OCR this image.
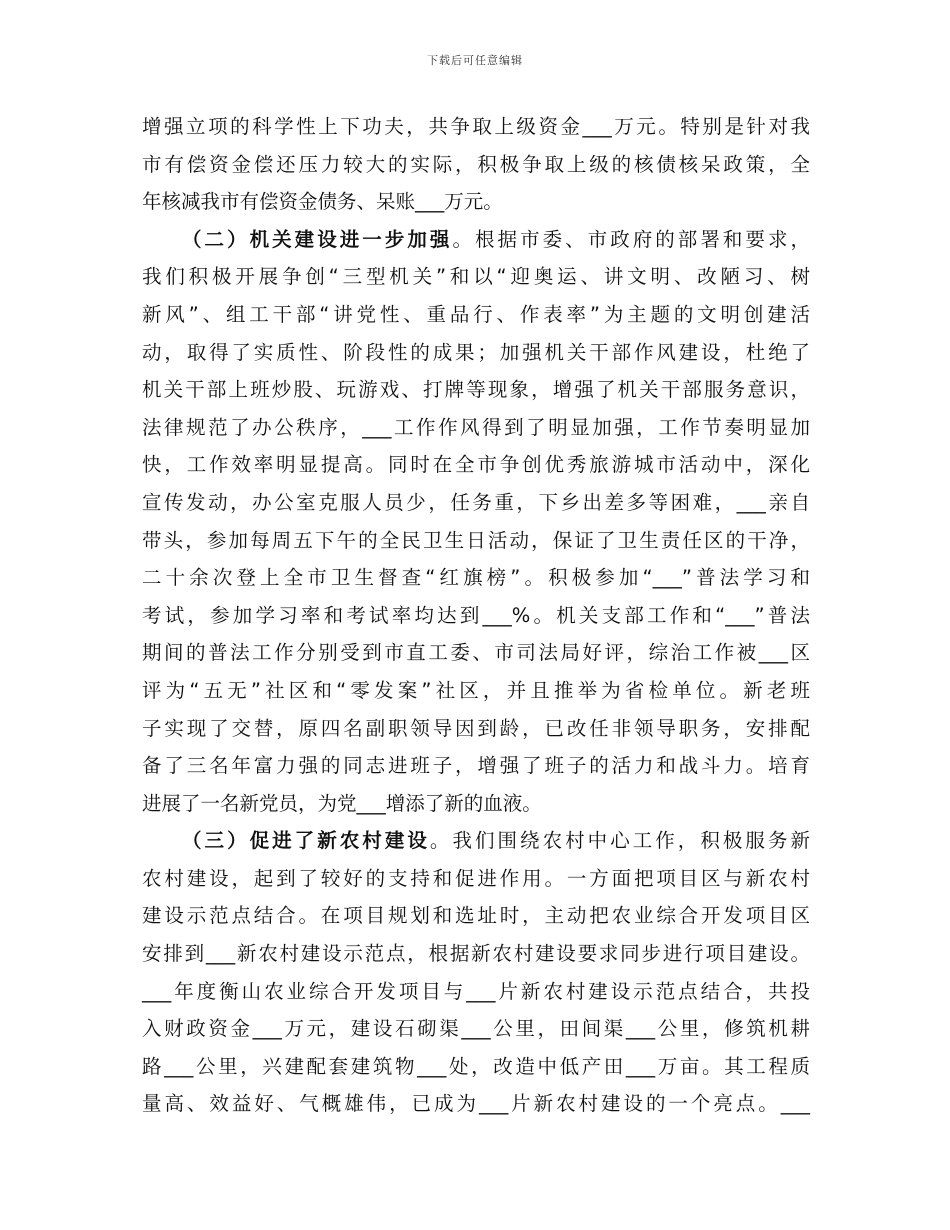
下载后可任意编辑
增强立项的科学性上下功夫，共争取上级资金___万元。特别是针对我
市有偿资金偿还压力较大的实际，积极争取上级的核债核呆政策，全
年核减我市有偿资金债务、呆账___万元。
（二）机关建设进一步加强。根据市委、市政府的部署和要求，
我们积极开展争创“三型机关”和以“迎奥运、讲文明、改陋习、树
新风”、组工干部“讲党性、重品行、作表率”为主题的文明创建活
动，取得了实质性、阶段性的成果；加强机关干部作风建设，杜绝了
机关干部上班炒股、玩游戏、打牌等现象，增强了机关干部服务意识，
法律规范了办公秩序，___工作作风得到了明显加强，工作节奏明显加
快，工作效率明显提高。同时在全市争创优秀旅游城市活动中，深化
宣传发动，办公室克服人员少，任务重，下乡出差多等困难，___亲自
带头，参加每周五下午的全民卫生日活动，保证了卫生责任区的干净，
二十余次登上全市卫生督查“红旗榜”。积极参加“___”普法学习和
考试，参加学习率和考试率均达到___%。机关支部工作和“___”普法
期间的普法工作分别受到市直工委、市司法局好评，综治工作被___区
评为“五无”社区和“零发案”社区，并且推举为省检单位。新老班
子实现了交替，原四名副职领导因到龄，已改任非领导职务，安排配
备了三名年富力强的同志进班子，增强了班子的活力和战斗力。培育
进展了一名新党员，为党___增添了新的血液。
（三）促进了新农村建设。我们围绕农村中心工作，积极服务新
农村建设，起到了较好的支持和促进作用。一方面把项目区与新农村
建设示范点结合。在项目规划和选址时，主动把农业综合开发项目区
安排到___新农村建设示范点，根据新农村建设要求同步进行项目建设。
___年度衡山农业综合开发项目与___片新农村建设示范点结合，共投
入财政资金___万元，建设石砌渠___公里，田间渠___公里，修筑机耕
路___公里，兴建配套建筑物___处，改造中低产田___万亩。其工程质
量高、效益好、气概雄伟，已成为___片新农村建设的一个亮点。___
